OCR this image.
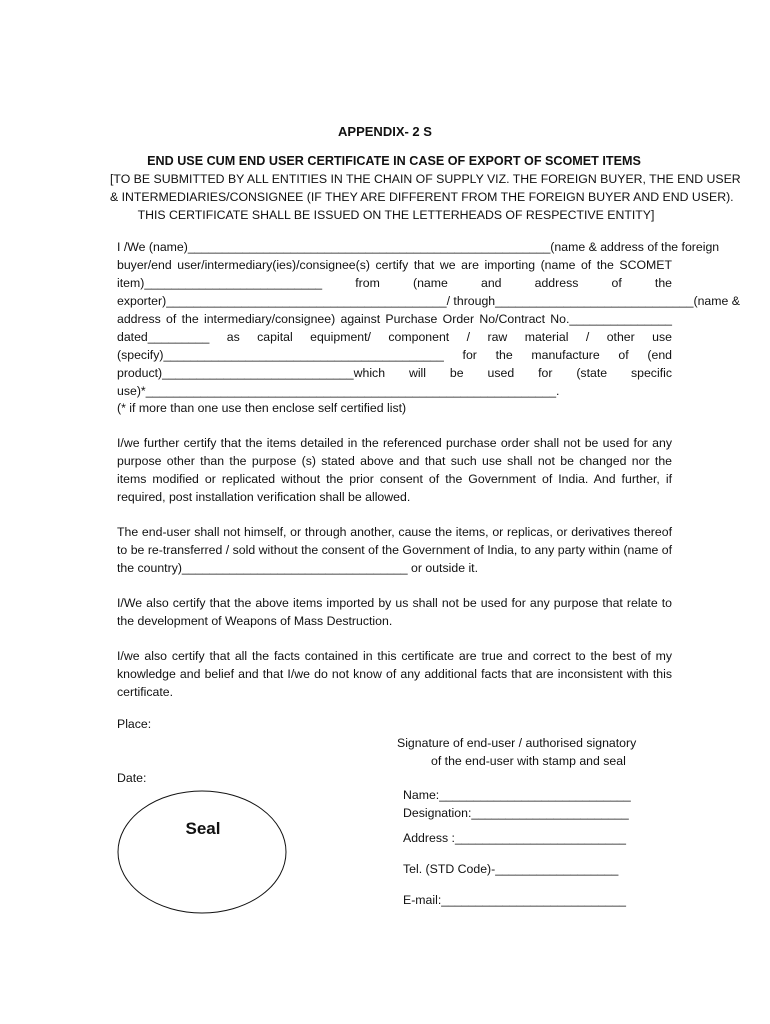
APPENDIX- 2 S
END USE CUM END USER CERTIFICATE IN CASE OF EXPORT OF SCOMET ITEMS
[TO BE SUBMITTED BY ALL ENTITIES IN THE CHAIN OF SUPPLY VIZ. THE FOREIGN BUYER, THE END USER
& INTERMEDIARIES/CONSIGNEE (IF THEY ARE DIFFERENT FROM THE FOREIGN BUYER AND END USER).
THIS CERTIFICATE SHALL BE ISSUED ON THE LETTERHEADS OF RESPECTIVE ENTITY]
I /We (name)_____________________________________________________(name & address of the foreign
buyer/end user/intermediary(ies)/consignee(s) certify that we are importing (name of the SCOMET
item)__________________________ from (name and address of the
exporter)_________________________________________/ through_____________________________(name &
address of the intermediary/consignee) against Purchase Order No/Contract No._______________
dated_________ as capital equipment/ component / raw material / other use
(specify)_________________________________________ for the manufacture of (end
product)____________________________which will be used for (state specific
use)*____________________________________________________________.
(* if more than one use then enclose self certified list)
I/we further certify that the items detailed in the referenced purchase order shall not be used for any purpose other than the purpose (s) stated above and that such use shall not be changed nor the items modified or replicated without the prior consent of the Government of India. And further, if required, post installation verification shall be allowed.
The end-user shall not himself, or through another, cause the items, or replicas, or derivatives thereof to be re-transferred / sold without the consent of the Government of India, to any party within (name of the country)_________________________________ or outside it.
I/We also certify that the above items imported by us shall not be used for any purpose that relate to the development of Weapons of Mass Destruction.
I/we also certify that all the facts contained in this certificate are true and correct to the best of my knowledge and belief and that I/we do not know of any additional facts that are inconsistent with this certificate.
Place:
Date:
Signature of end-user / authorised signatory
of the end-user with stamp and seal
Name:____________________________
Designation:_______________________
Address :_________________________
Tel. (STD Code)-__________________
E-mail:___________________________
Seal
